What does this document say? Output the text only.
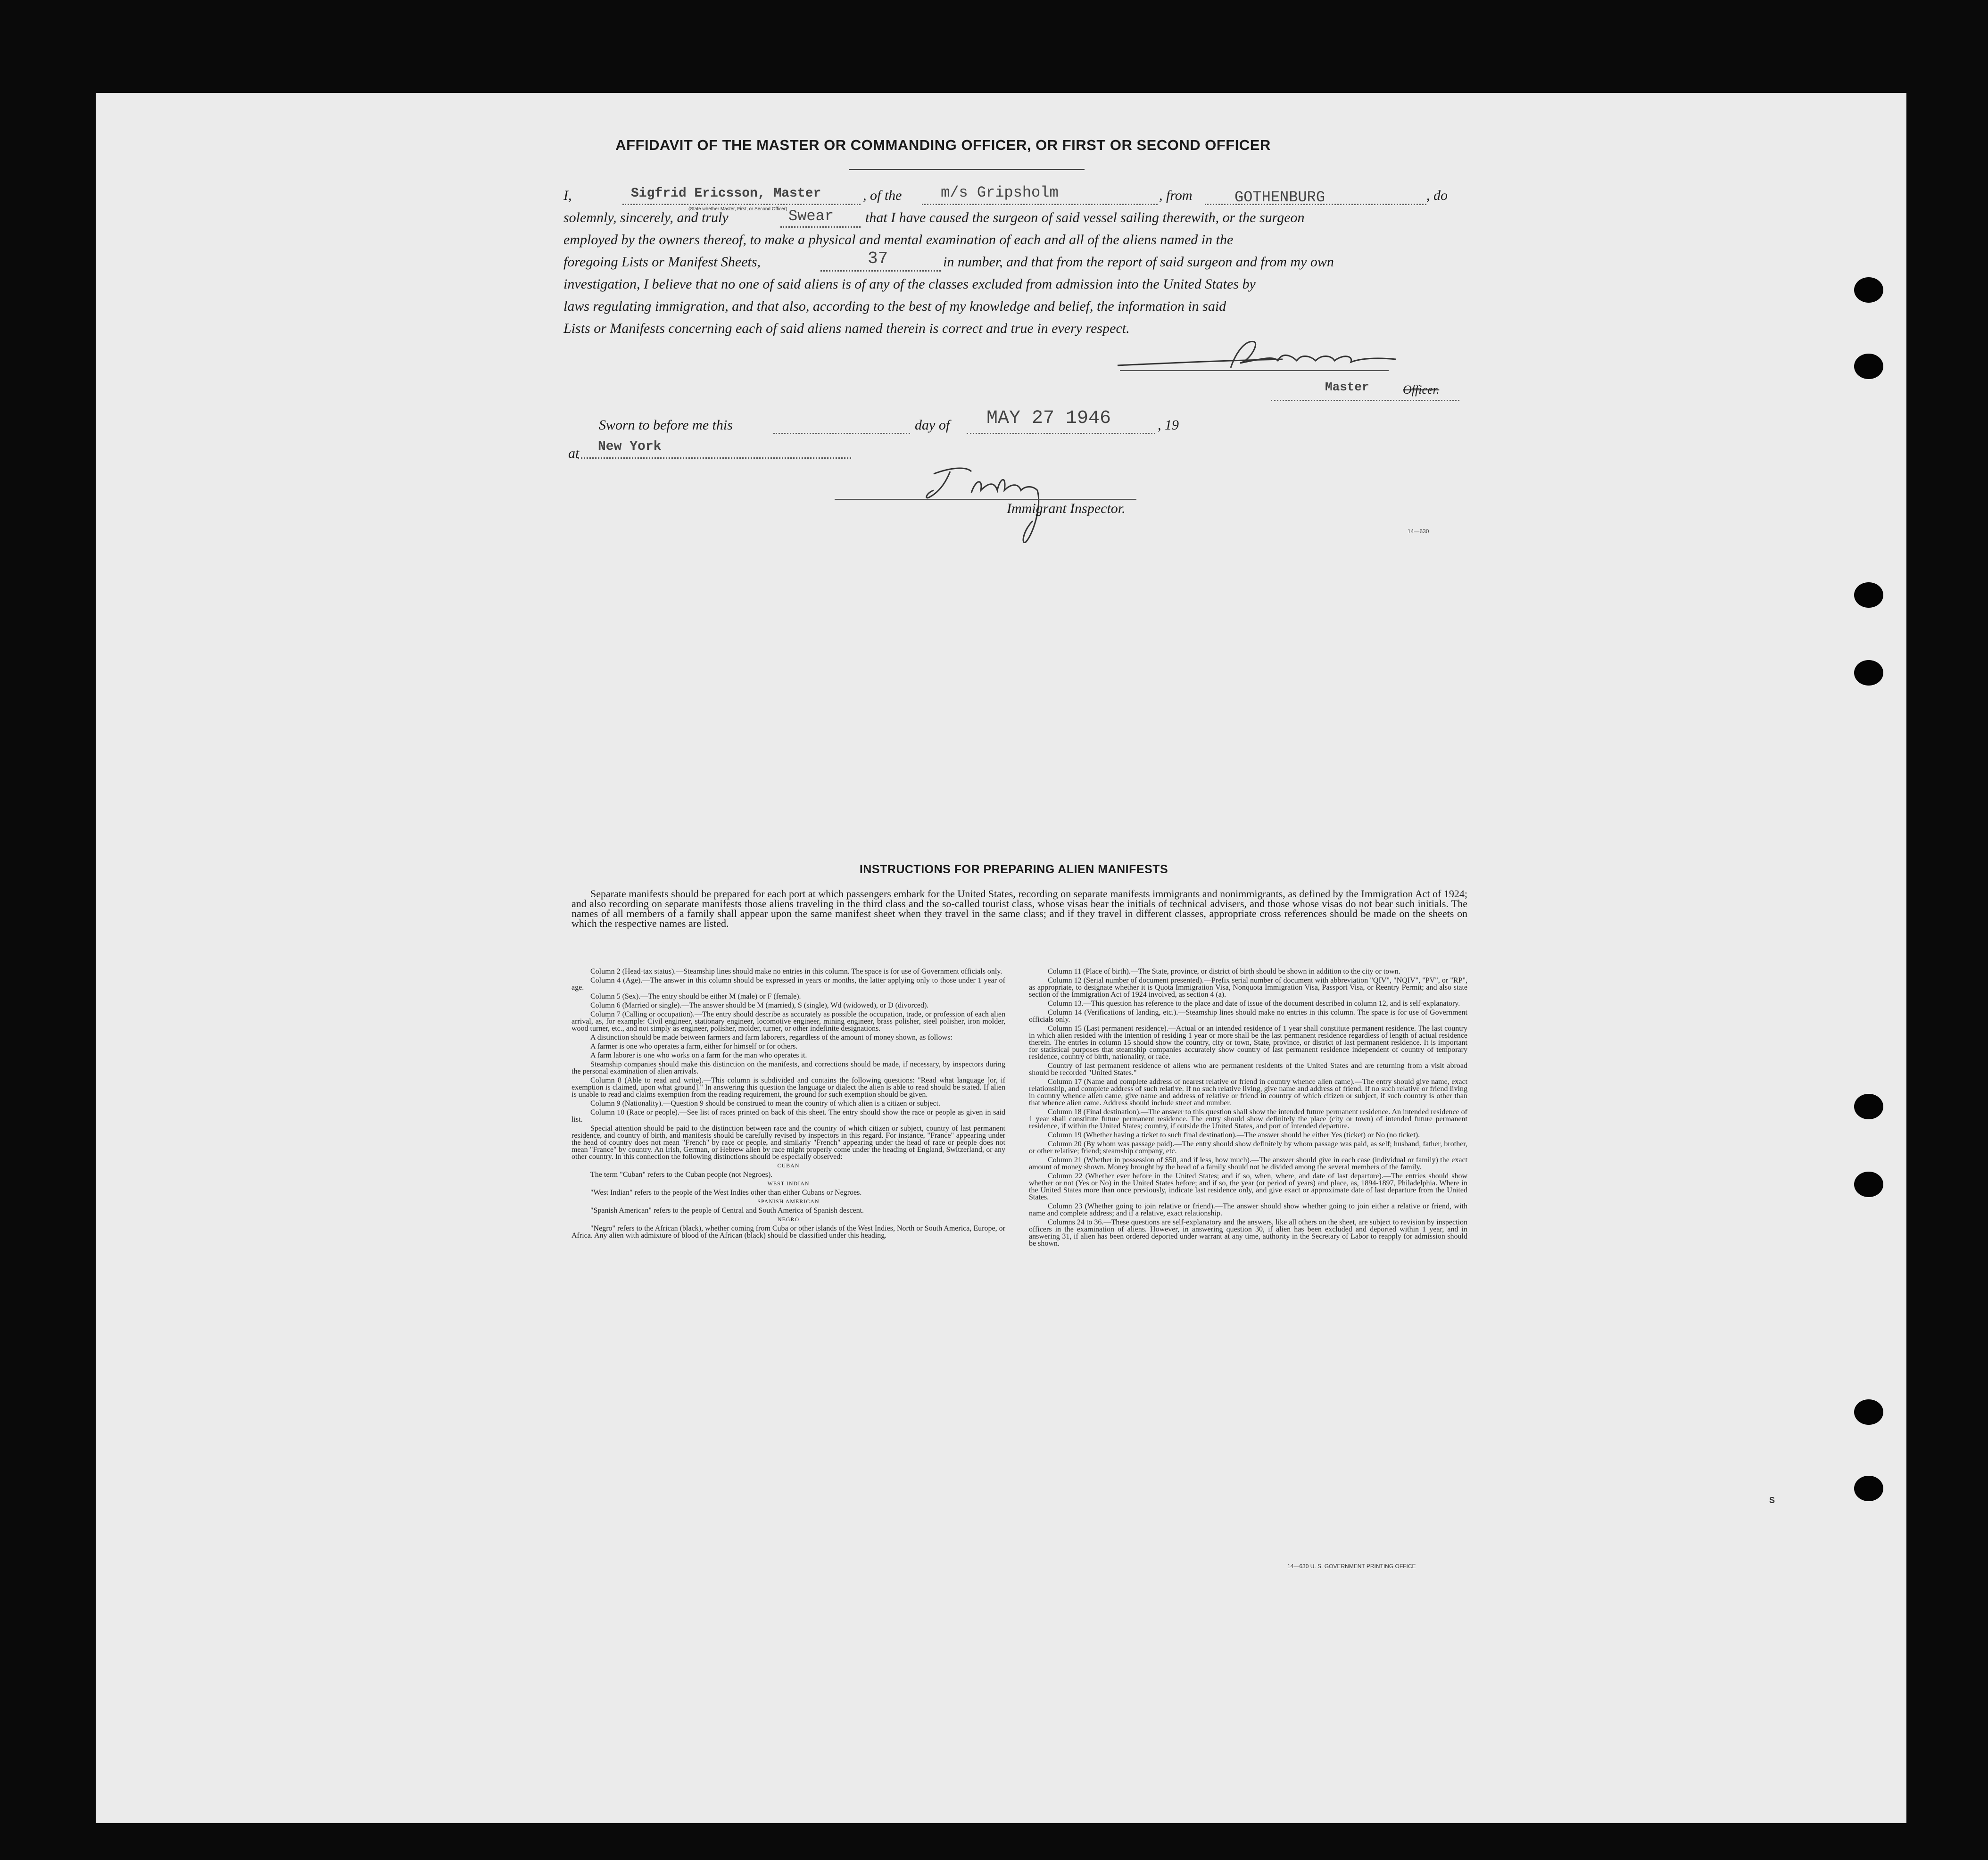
AFFIDAVIT OF THE MASTER OR COMMANDING OFFICER, OR FIRST OR SECOND OFFICER
I,	Sigfrid Ericsson, Master
(State whether Master, First, or Second Officer)
, of the	m/s Gripsholm	, from	GOTHENBURG	, do
solemnly, sincerely, and truly	Swear that I have caused the surgeon of said vessel sailing therewith, or the surgeon
employed by the owners thereof, to make a physical and mental examination of each and all of the aliens named in the
foregoing Lists or Manifest Sheets,	37	in number, and that from the report of said surgeon and from my own
investigation, I believe that no one of said aliens is of any of the classes excluded from admission into the United States by
laws regulating immigration, and that also, according to the best of my knowledge and belief, the information in said
Lists or Manifests concerning each of said aliens named therein is correct and true in every respect.
Master	Officer.
Sworn to before me this	day of MAY 27 1946	, 19
at New York
Immigrant Inspector.
14—630
INSTRUCTIONS FOR PREPARING ALIEN MANIFESTS
Separate manifests should be prepared for each port at which passengers embark for the United States, recording on separate manifests immigrants and nonimmigrants, as defined by the Immigration Act of 1924; and also recording on separate manifests those aliens traveling in the third class and the so-called tourist class, whose visas bear the initials of technical advisers, and those whose visas do not bear such initials. The names of all members of a family shall appear upon the same manifest sheet when they travel in the same class; and if they travel in different classes, appropriate cross references should be made on the sheets on which the respective names are listed.

Column 2 (Head-tax status).—Steamship lines should make no entries in this column. The space is for use of Government officials only.

Column 4 (Age).—The answer in this column should be expressed in years or months, the latter applying only to those under 1 year of age.

Column 5 (Sex).—The entry should be either M (male) or F (female).

Column 6 (Married or single).—The answer should be M (married), S (single), Wd (widowed), or D (divorced).

Column 7 (Calling or occupation).—The entry should describe as accurately as possible the occupation, trade, or profession of each alien arrival, as, for example: Civil engineer, stationary engineer, locomotive engineer, mining engineer, brass polisher, steel polisher, iron molder, wood turner, etc., and not simply as engineer, polisher, molder, turner, or other indefinite designations.

A distinction should be made between farmers and farm laborers, regardless of the amount of money shown, as follows:

A farmer is one who operates a farm, either for himself or for others.

A farm laborer is one who works on a farm for the man who operates it.

Steamship companies should make this distinction on the manifests, and corrections should be made, if necessary, by inspectors during the personal examination of alien arrivals.

Column 8 (Able to read and write).—This column is subdivided and contains the following questions: "Read what language [or, if exemption is claimed, upon what ground]." In answering this question the language or dialect the alien is able to read should be stated. If alien is unable to read and claims exemption from the reading requirement, the ground for such exemption should be given.

Column 9 (Nationality).—Question 9 should be construed to mean the country of which alien is a citizen or subject.

Column 10 (Race or people).—See list of races printed on back of this sheet. The entry should show the race or people as given in said list.

Special attention should be paid to the distinction between race and the country of which citizen or subject, country of last permanent residence, and country of birth, and manifests should be carefully revised by inspectors in this regard. For instance, "France" appearing under the head of country does not mean "French" by race or people, and similarly "French" appearing under the head of race or people does not mean "France" by country. An Irish, German, or Hebrew alien by race might properly come under the heading of England, Switzerland, or any other country. In this connection the following distinctions should be especially observed:

CUBAN

The term "Cuban" refers to the Cuban people (not Negroes).

WEST INDIAN

"West Indian" refers to the people of the West Indies other than either Cubans or Negroes.

SPANISH AMERICAN

"Spanish American" refers to the people of Central and South America of Spanish descent.

NEGRO

"Negro" refers to the African (black), whether coming from Cuba or other islands of the West Indies, North or South America, Europe, or Africa. Any alien with admixture of blood of the African (black) should be classified under this heading.

Column 11 (Place of birth).—The State, province, or district of birth should be shown in addition to the city or town.

Column 12 (Serial number of document presented).—Prefix serial number of document with abbreviation "QIV", "NQIV", "PV", or "RP", as appropriate, to designate whether it is Quota Immigration Visa, Nonquota Immigration Visa, Passport Visa, or Reentry Permit; and also state section of the Immigration Act of 1924 involved, as section 4 (a).

Column 13.—This question has reference to the place and date of issue of the document described in column 12, and is self-explanatory.

Column 14 (Verifications of landing, etc.).—Steamship lines should make no entries in this column. The space is for use of Government officials only.

Column 15 (Last permanent residence).—Actual or an intended residence of 1 year shall constitute permanent residence. The last country in which alien resided with the intention of residing 1 year or more shall be the last permanent residence regardless of length of actual residence therein. The entries in column 15 should show the country, city or town, State, province, or district of last permanent residence. It is important for statistical purposes that steamship companies accurately show country of last permanent residence independent of country of temporary residence, country of birth, nationality, or race.

Country of last permanent residence of aliens who are permanent residents of the United States and are returning from a visit abroad should be recorded "United States."

Column 17 (Name and complete address of nearest relative or friend in country whence alien came).—The entry should give name, exact relationship, and complete address of such relative. If no such relative living, give name and address of friend. If no such relative or friend living in country whence alien came, give name and address of relative or friend in country of which citizen or subject, if such country is other than that whence alien came. Address should include street and number.

Column 18 (Final destination).—The answer to this question shall show the intended future permanent residence. An intended residence of 1 year shall constitute future permanent residence. The entry should show definitely the place (city or town) of intended future permanent residence, if within the United States; country, if outside the United States, and port of intended departure.

Column 19 (Whether having a ticket to such final destination).—The answer should be either Yes (ticket) or No (no ticket).

Column 20 (By whom was passage paid).—The entry should show definitely by whom passage was paid, as self; husband, father, brother, or other relative; friend; steamship company, etc.

Column 21 (Whether in possession of $50, and if less, how much).—The answer should give in each case (individual or family) the exact amount of money shown. Money brought by the head of a family should not be divided among the several members of the family.

Column 22 (Whether ever before in the United States; and if so, when, where, and date of last departure).—The entries should show whether or not (Yes or No) in the United States before; and if so, the year (or period of years) and place, as, 1894-1897, Philadelphia. Where in the United States more than once previously, indicate last residence only, and give exact or approximate date of last departure from the United States.

Column 23 (Whether going to join relative or friend).—The answer should show whether going to join either a relative or friend, with name and complete address; and if a relative, exact relationship.

Columns 24 to 36.—These questions are self-explanatory and the answers, like all others on the sheet, are subject to revision by inspection officers in the examination of aliens. However, in answering question 30, if alien has been excluded and deported within 1 year, and in answering 31, if alien has been ordered deported under warrant at any time, authority in the Secretary of Labor to reapply for admission should be shown.

14—630 U. S. GOVERNMENT PRINTING OFFICE
S
